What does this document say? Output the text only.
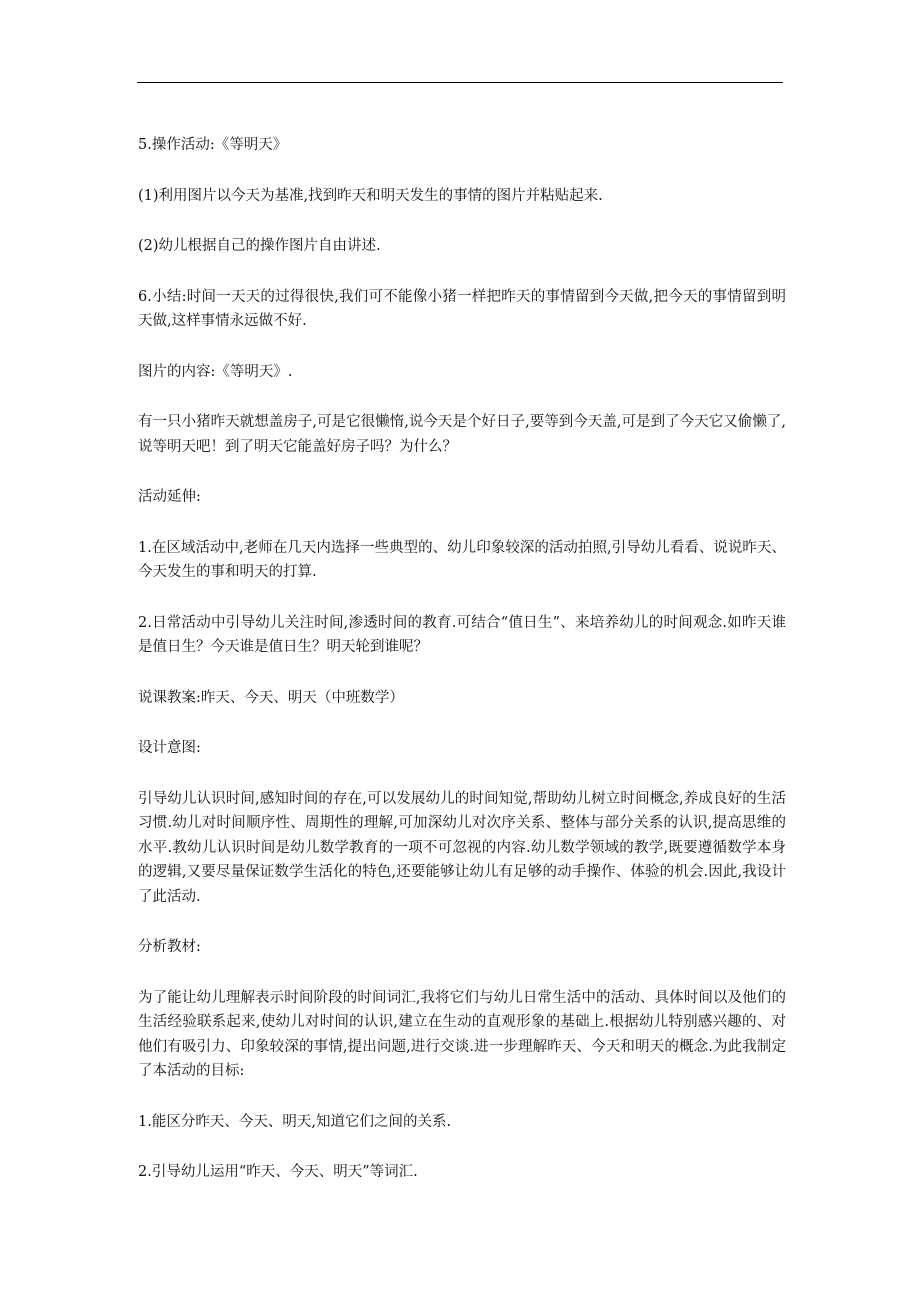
5.操作活动:《等明天》

(1)利用图片以今天为基准,找到昨天和明天发生的事情的图片并粘贴起来.

(2)幼儿根据自己的操作图片自由讲述.

6.小结:时间一天天的过得很快,我们可不能像小猪一样把昨天的事情留到今天做,把今天的事情留到明天做,这样事情永远做不好.

图片的内容:《等明天》.

有一只小猪昨天就想盖房子,可是它很懒惰,说今天是个好日子,要等到今天盖,可是到了今天它又偷懒了,说等明天吧！到了明天它能盖好房子吗？为什么？

活动延伸:

1.在区域活动中,老师在几天内选择一些典型的、幼儿印象较深的活动拍照,引导幼儿看看、说说昨天、今天发生的事和明天的打算.

2.日常活动中引导幼儿关注时间,渗透时间的教育.可结合“值日生”、来培养幼儿的时间观念.如昨天谁是值日生？今天谁是值日生？明天轮到谁呢？

说课教案:昨天、今天、明天（中班数学）

设计意图:

引导幼儿认识时间,感知时间的存在,可以发展幼儿的时间知觉,帮助幼儿树立时间概念,养成良好的生活习惯.幼儿对时间顺序性、周期性的理解,可加深幼儿对次序关系、整体与部分关系的认识,提高思维的水平.教幼儿认识时间是幼儿数学教育的一项不可忽视的内容.幼儿数学领域的教学,既要遵循数学本身的逻辑,又要尽量保证数学生活化的特色,还要能够让幼儿有足够的动手操作、体验的机会.因此,我设计了此活动.

分析教材:

为了能让幼儿理解表示时间阶段的时间词汇,我将它们与幼儿日常生活中的活动、具体时间以及他们的生活经验联系起来,使幼儿对时间的认识,建立在生动的直观形象的基础上.根据幼儿特别感兴趣的、对他们有吸引力、印象较深的事情,提出问题,进行交谈.进一步理解昨天、今天和明天的概念.为此我制定了本活动的目标:

1.能区分昨天、今天、明天,知道它们之间的关系.

2.引导幼儿运用“昨天、今天、明天”等词汇.
